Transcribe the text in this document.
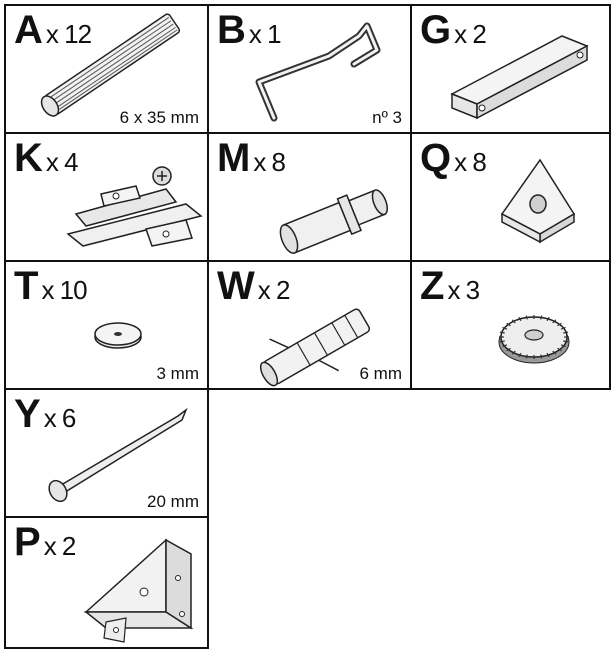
Ax 12
6 x 35 mm
Bx 1
nº 3
Gx 2
Kx 4	Mx 8	Qx 8
Tx 10
3 mm
Wx 2
6 mm
Zx 3
Yx 6
20 mm
Px 2
